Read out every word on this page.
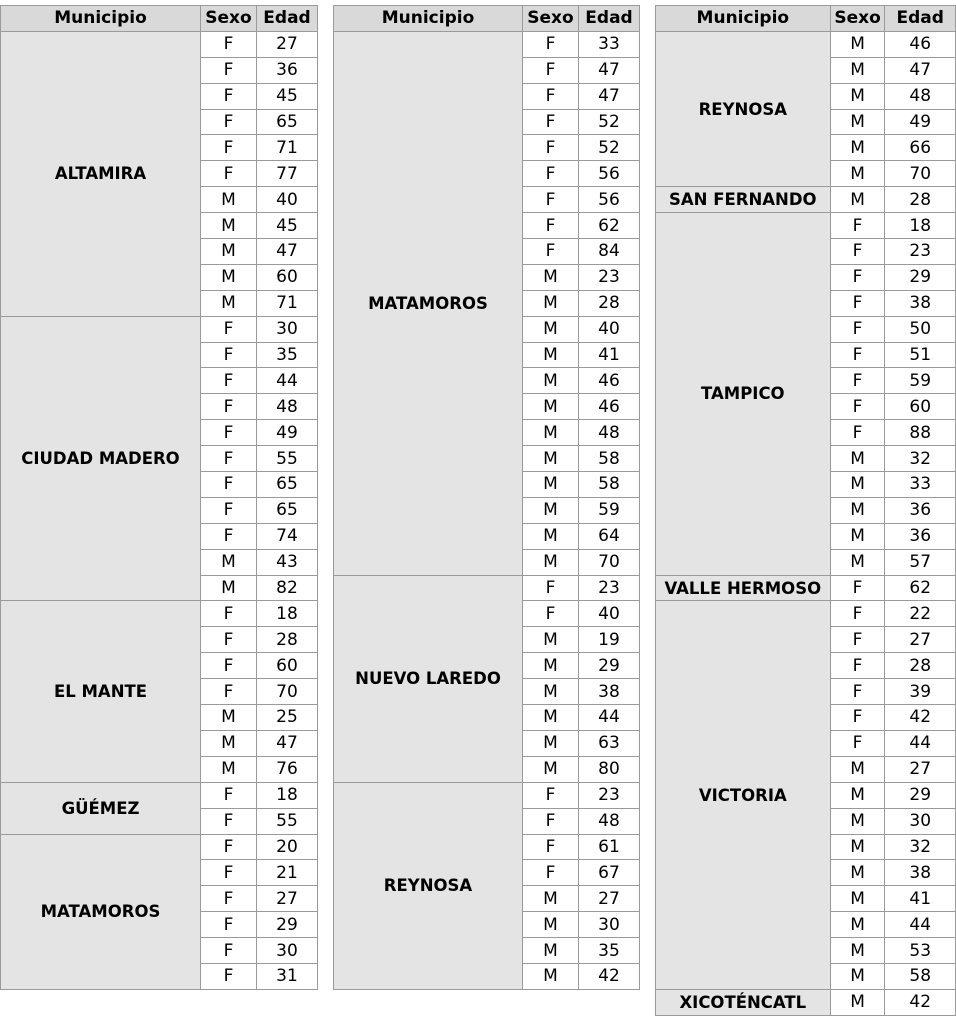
Municipio	Sexo	Edad
ALTAMIRA	F	27
	F	36
	F	45
	F	65
	F	71
	F	77
	M	40
	M	45
	M	47
	M	60
	M	71
CIUDAD MADERO	F	30
	F	35
	F	44
	F	48
	F	49
	F	55
	F	65
	F	65
	F	74
	M	43
	M	82
EL MANTE	F	18
	F	28
	F	60
	F	70
	M	25
	M	47
	M	76
GÜÉMEZ	F	18
	F	55
MATAMOROS	F	20
	F	21
	F	27
	F	29
	F	30
	F	31
Municipio	Sexo	Edad
MATAMOROS	F	33
	F	47
	F	47
	F	52
	F	52
	F	56
	F	56
	F	62
	F	84
	M	23
	M	28
	M	40
	M	41
	M	46
	M	46
	M	48
	M	58
	M	58
	M	59
	M	64
	M	70
NUEVO LAREDO	F	23
	F	40
	M	19
	M	29
	M	38
	M	44
	M	63
	M	80
REYNOSA	F	23
	F	48
	F	61
	F	67
	M	27
	M	30
	M	35
	M	42
Municipio	Sexo	Edad
REYNOSA	M	46
	M	47
	M	48
	M	49
	M	66
	M	70
SAN FERNANDO	M	28
TAMPICO	F	18
	F	23
	F	29
	F	38
	F	50
	F	51
	F	59
	F	60
	F	88
	M	32
	M	33
	M	36
	M	36
	M	57
VALLE HERMOSO	F	62
VICTORIA	F	22
	F	27
	F	28
	F	39
	F	42
	F	44
	M	27
	M	29
	M	30
	M	32
	M	38
	M	41
	M	44
	M	53
	M	58
XICOTÉNCATL	M	42
